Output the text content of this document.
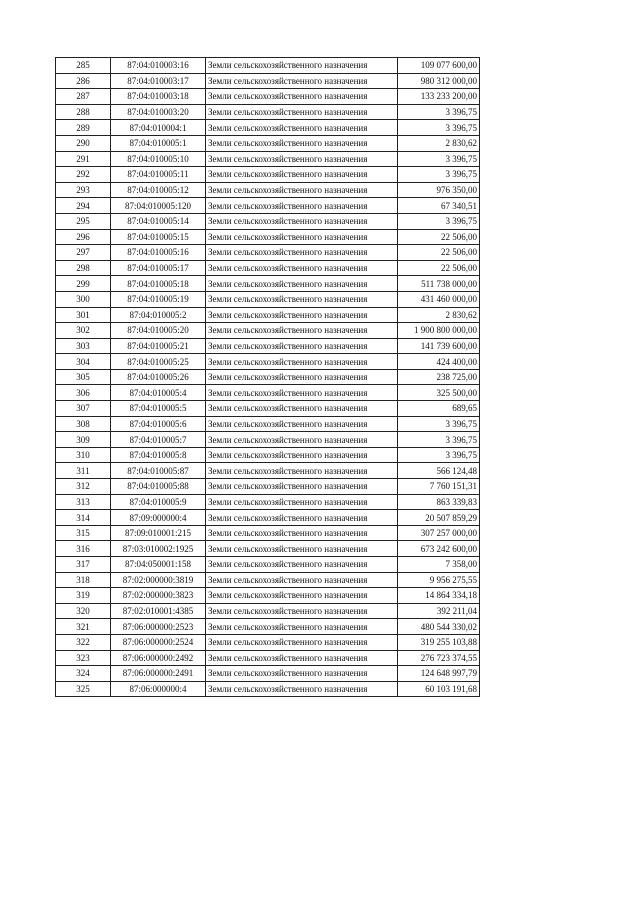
285	87:04:010003:16	Земли сельскохозяйственного назначения	109 077 600,00
286	87:04:010003:17	Земли сельскохозяйственного назначения	980 312 000,00
287	87:04:010003:18	Земли сельскохозяйственного назначения	133 233 200,00
288	87:04:010003:20	Земли сельскохозяйственного назначения	3 396,75
289	87:04:010004:1	Земли сельскохозяйственного назначения	3 396,75
290	87:04:010005:1	Земли сельскохозяйственного назначения	2 830,62
291	87:04:010005:10	Земли сельскохозяйственного назначения	3 396,75
292	87:04:010005:11	Земли сельскохозяйственного назначения	3 396,75
293	87:04:010005:12	Земли сельскохозяйственного назначения	976 350,00
294	87:04:010005:120	Земли сельскохозяйственного назначения	67 340,51
295	87:04:010005:14	Земли сельскохозяйственного назначения	3 396,75
296	87:04:010005:15	Земли сельскохозяйственного назначения	22 506,00
297	87:04:010005:16	Земли сельскохозяйственного назначения	22 506,00
298	87:04:010005:17	Земли сельскохозяйственного назначения	22 506,00
299	87:04:010005:18	Земли сельскохозяйственного назначения	511 738 000,00
300	87:04:010005:19	Земли сельскохозяйственного назначения	431 460 000,00
301	87:04:010005:2	Земли сельскохозяйственного назначения	2 830,62
302	87:04:010005:20	Земли сельскохозяйственного назначения	1 900 800 000,00
303	87:04:010005:21	Земли сельскохозяйственного назначения	141 739 600,00
304	87:04:010005:25	Земли сельскохозяйственного назначения	424 400,00
305	87:04:010005:26	Земли сельскохозяйственного назначения	238 725,00
306	87:04:010005:4	Земли сельскохозяйственного назначения	325 500,00
307	87:04:010005:5	Земли сельскохозяйственного назначения	689,65
308	87:04:010005:6	Земли сельскохозяйственного назначения	3 396,75
309	87:04:010005:7	Земли сельскохозяйственного назначения	3 396,75
310	87:04:010005:8	Земли сельскохозяйственного назначения	3 396,75
311	87:04:010005:87	Земли сельскохозяйственного назначения	566 124,48
312	87:04:010005:88	Земли сельскохозяйственного назначения	7 760 151,31
313	87:04:010005:9	Земли сельскохозяйственного назначения	863 339,83
314	87:09:000000:4	Земли сельскохозяйственного назначения	20 507 859,29
315	87:09:010001:215	Земли сельскохозяйственного назначения	307 257 000,00
316	87:03:010002:1925	Земли сельскохозяйственного назначения	673 242 600,00
317	87:04:050001:158	Земли сельскохозяйственного назначения	7 358,00
318	87:02:000000:3819	Земли сельскохозяйственного назначения	9 956 275,55
319	87:02:000000:3823	Земли сельскохозяйственного назначения	14 864 334,18
320	87:02:010001:4385	Земли сельскохозяйственного назначения	392 211,04
321	87:06:000000:2523	Земли сельскохозяйственного назначения	480 544 330,02
322	87:06:000000:2524	Земли сельскохозяйственного назначения	319 255 103,88
323	87:06:000000:2492	Земли сельскохозяйственного назначения	276 723 374,55
324	87:06:000000:2491	Земли сельскохозяйственного назначения	124 648 997,79
325	87:06:000000:4	Земли сельскохозяйственного назначения	60 103 191,68
